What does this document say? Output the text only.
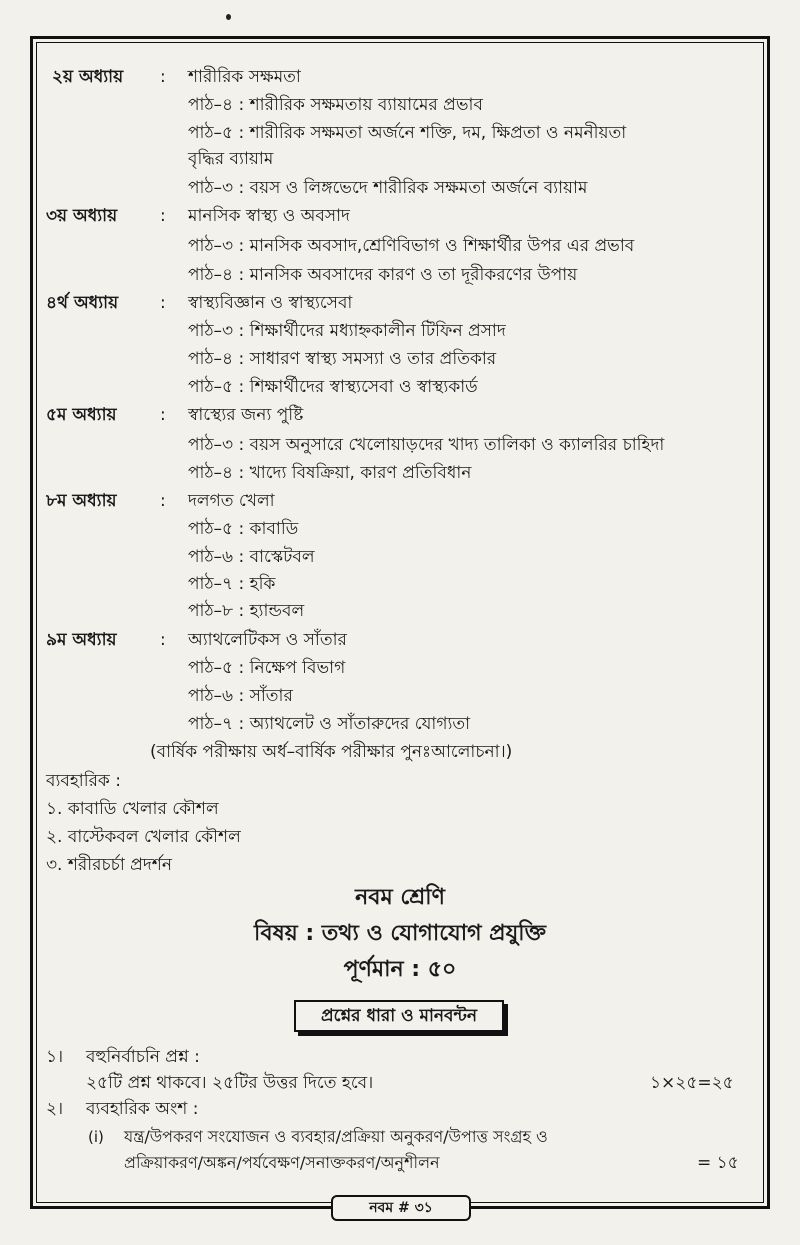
২য় অধ্যায় : শারীরিক সক্ষমতা
পাঠ–৪ : শারীরিক সক্ষমতায় ব্যায়ামের প্রভাব
পাঠ–৫ : শারীরিক সক্ষমতা অর্জনে শক্তি, দম, ক্ষিপ্রতা ও নমনীয়তা
বৃদ্ধির ব্যায়াম
পাঠ–৩ : বয়স ও লিঙ্গভেদে শারীরিক সক্ষমতা অর্জনে ব্যায়াম
৩য় অধ্যায়	: মানসিক স্বাস্থ্য ও অবসাদ
পাঠ–৩ : মানসিক অবসাদ,শ্রেণিবিভাগ ও শিক্ষার্থীর উপর এর প্রভাব
পাঠ–৪ : মানসিক অবসাদের কারণ ও তা দূরীকরণের উপায়
৪র্থ অধ্যায় : স্বাস্থ্যবিজ্ঞান ও স্বাস্থ্যসেবা
পাঠ–৩ : শিক্ষার্থীদের মধ্যাহ্নকালীন টিফিন প্রসাদ
পাঠ–৪ : সাধারণ স্বাস্থ্য সমস্যা ও তার প্রতিকার
পাঠ–৫ : শিক্ষার্থীদের স্বাস্থ্যসেবা ও স্বাস্থ্যকার্ড
৫ম অধ্যায়	: স্বাস্থ্যের জন্য পুষ্টি
পাঠ–৩ : বয়স অনুসারে খেলোয়াড়দের খাদ্য তালিকা ও ক্যালরির চাহিদা
পাঠ–৪ : খাদ্যে বিষক্রিয়া, কারণ প্রতিবিধান
৮ম অধ্যায়	: দলগত খেলা
পাঠ–৫ : কাবাডি
পাঠ–৬ : বাস্কেটবল
পাঠ–৭ : হকি
পাঠ–৮ : হ্যান্ডবল
৯ম অধ্যায়	: অ্যাথলেটিকস ও সাঁতার
পাঠ–৫ : নিক্ষেপ বিভাগ
পাঠ–৬ : সাঁতার
পাঠ–৭ : অ্যাথলেট ও সাঁতারুদের যোগ্যতা
(বার্ষিক পরীক্ষায় অর্ধ–বার্ষিক পরীক্ষার পুনঃআলোচনা।)
ব্যবহারিক :
১. কাবাডি খেলার কৌশল
২. বাস্টেকবল খেলার কৌশল
৩. শরীরচর্চা প্রদর্শন
নবম শ্রেণি
বিষয় : তথ্য ও যোগাযোগ প্রযুক্তি
পূর্ণমান : ৫০
প্রশ্নের ধারা ও মানবন্টন
১। বহুনির্বাচনি প্রশ্ন :
২৫টি প্রশ্ন থাকবে। ২৫টির উত্তর দিতে হবে।	১×২৫=২৫
২। ব্যবহারিক অংশ :
(i) যন্ত্র/উপকরণ সংযোজন ও ব্যবহার/প্রক্রিয়া অনুকরণ/উপাত্ত সংগ্রহ ও
প্রক্রিয়াকরণ/অঙ্কন/পর্যবেক্ষণ/সনাক্তকরণ/অনুশীলন	= ১৫
নবম # ৩১
